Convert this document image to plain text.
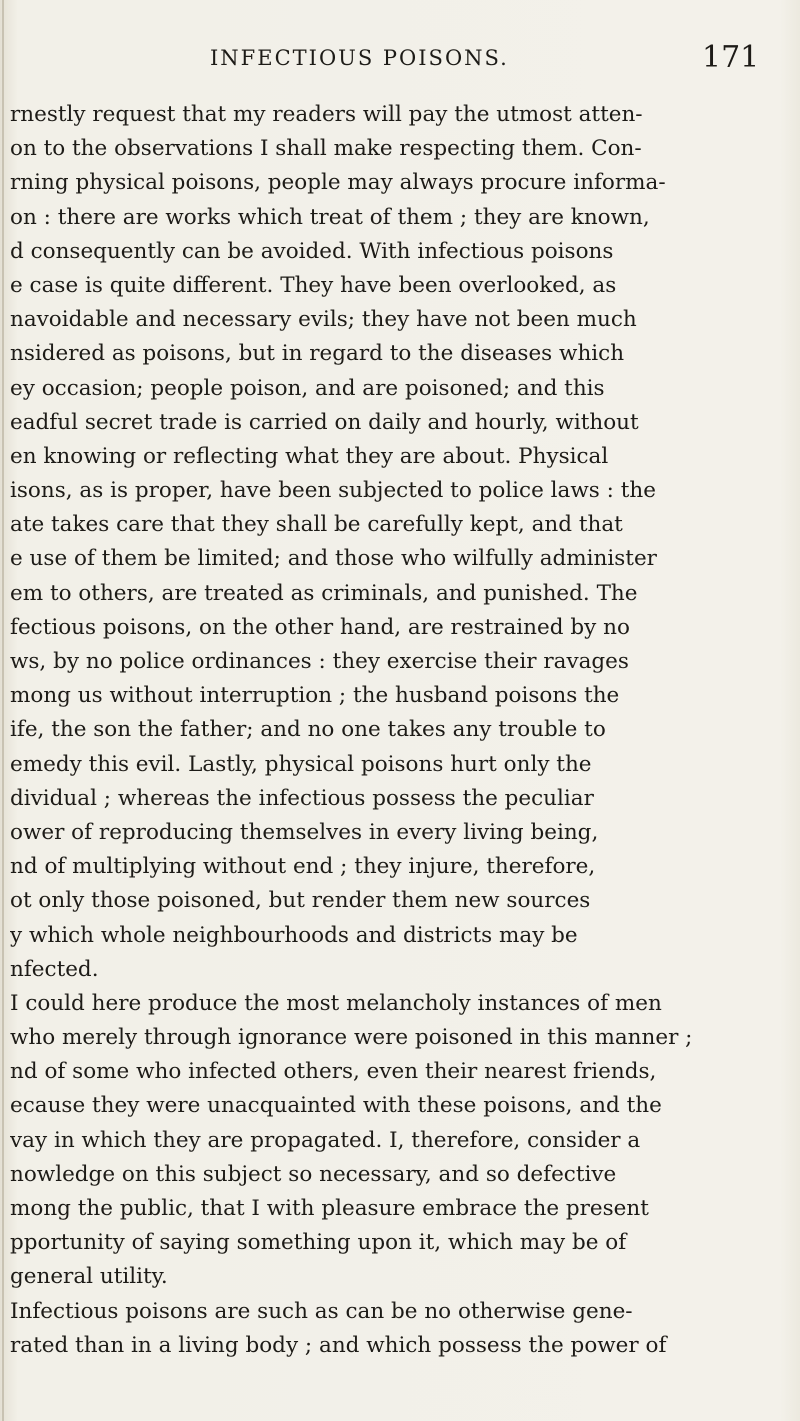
INFECTIOUS POISONS.	171
rnestly request that my readers will pay the utmost atten-
on to the observations I shall make respecting them. Con-
rning physical poisons, people may always procure informa-
on : there are works which treat of them ; they are known,
d consequently can be avoided. With infectious poisons
e case is quite different. They have been overlooked, as
navoidable and necessary evils; they have not been much
nsidered as poisons, but in regard to the diseases which
ey occasion; people poison, and are poisoned; and this
eadful secret trade is carried on daily and hourly, without
en knowing or reflecting what they are about. Physical
isons, as is proper, have been subjected to police laws : the
ate takes care that they shall be carefully kept, and that
e use of them be limited; and those who wilfully administer
em to others, are treated as criminals, and punished. The
fectious poisons, on the other hand, are restrained by no
ws, by no police ordinances : they exercise their ravages
mong us without interruption ; the husband poisons the
ife, the son the father; and no one takes any trouble to
emedy this evil. Lastly, physical poisons hurt only the
dividual ; whereas the infectious possess the peculiar
ower of reproducing themselves in every living being,
nd of multiplying without end ; they injure, therefore,
ot only those poisoned, but render them new sources
y which whole neighbourhoods and districts may be
nfected.
I could here produce the most melancholy instances of men
who merely through ignorance were poisoned in this manner ;
nd of some who infected others, even their nearest friends,
ecause they were unacquainted with these poisons, and the
vay in which they are propagated. I, therefore, consider a
nowledge on this subject so necessary, and so defective
mong the public, that I with pleasure embrace the present
pportunity of saying something upon it, which may be of
general utility.
Infectious poisons are such as can be no otherwise gene-
rated than in a living body ; and which possess the power of
